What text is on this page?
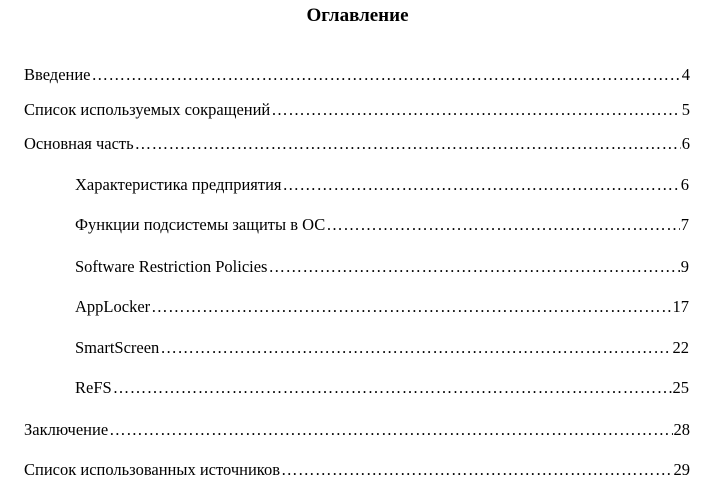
Оглавление
Введение ……………………………………………………………………………………………………………………………………………………………………………………………………	4
Список используемых сокращений ……………………………………………………………………………………………………………………………………………………………………………………………………	5
Основная часть ……………………………………………………………………………………………………………………………………………………………………………………………………	6
Характеристика предприятия ……………………………………………………………………………………………………………………………………………………………………………………………………	6
Функции подсистемы защиты в ОС ……………………………………………………………………………………………………………………………………………………………………………………………………	7
Software Restriction Policies ……………………………………………………………………………………………………………………………………………………………………………………………………	9
AppLocker ……………………………………………………………………………………………………………………………………………………………………………………………………	17
SmartScreen ……………………………………………………………………………………………………………………………………………………………………………………………………	22
ReFS ……………………………………………………………………………………………………………………………………………………………………………………………………	25
Заключение ……………………………………………………………………………………………………………………………………………………………………………………………………	28
Список использованных источников ……………………………………………………………………………………………………………………………………………………………………………………………………	29
